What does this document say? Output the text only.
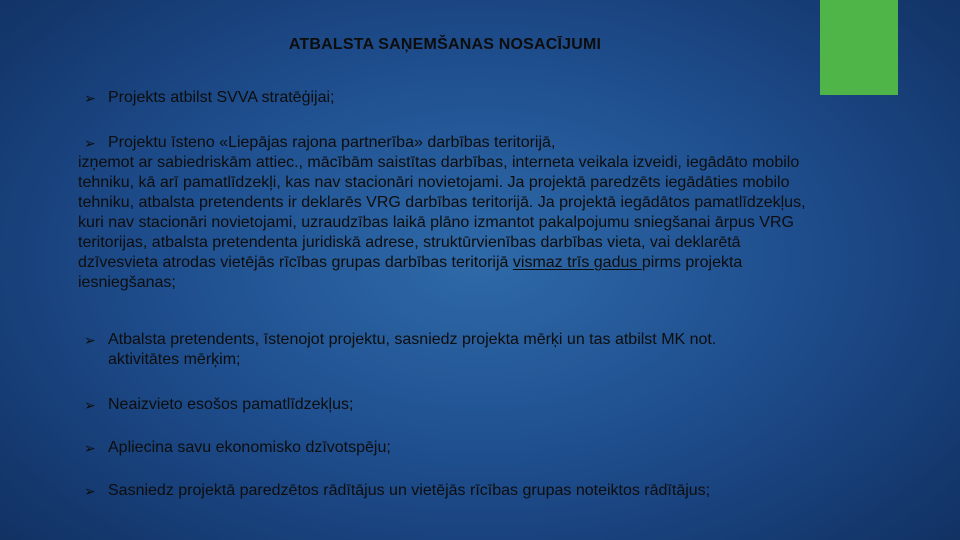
ATBALSTA SAŅEMŠANAS NOSACĪJUMI
➢ Projekts atbilst SVVA stratēģijai;
➢ Projektu īsteno «Liepājas rajona partnerība» darbības teritorijā,
izņemot ar sabiedriskām attiec., mācībām saistītas darbības, interneta veikala izveidi, iegādāto mobilo tehniku, kā arī pamatlīdzekļi, kas nav stacionāri novietojami. Ja projektā paredzēts iegādāties mobilo tehniku, atbalsta pretendents ir deklarēs VRG darbības teritorijā. Ja projektā iegādātos pamatlīdzekļus, kuri nav stacionāri novietojami, uzraudzības laikā plāno izmantot pakalpojumu sniegšanai ārpus VRG teritorijas, atbalsta pretendenta juridiskā adrese, struktūrvienības darbības vieta, vai deklarētā dzīvesvieta atrodas vietējās rīcības grupas darbības teritorijā vismaz trīs gadus pirms projekta iesniegšanas;
➢ Atbalsta pretendents, īstenojot projektu, sasniedz projekta mērķi un tas atbilst MK not.
aktivitātes mērķim;
➢ Neaizvieto esošos pamatlīdzekļus;
➢ Apliecina savu ekonomisko dzīvotspēju;
➢ Sasniedz projektā paredzētos rādītājus un vietējās rīcības grupas noteiktos rādītājus;
